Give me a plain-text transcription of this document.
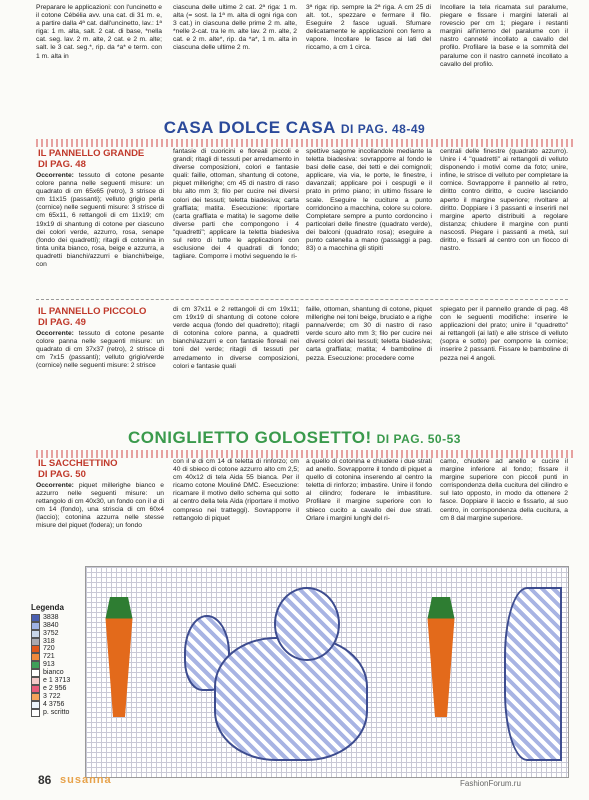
Preparare le applicazioni: con l'uncinetto e il cotone Cébélia avv. una cat. di 31 m. e, a partire dalla 4ª cat. dall'uncinetto, lav.: 1ª riga: 1 m. alta, salt. 2 cat. di base, *nella cat. seg. lav. 2 m. alte, 2 cat. e 2 m. alte; salt. le 3 cat. seg.*, rip. da *a* e term. con 1 m. alta in
ciascuna delle ultime 2 cat. 2ª riga: 1 m. alta (= sost. la 1ª m. alta di ogni riga con 3 cat.) in ciascuna delle prime 2 m. alte, *nelle 2-cat. tra le m. alte lav. 2 m. alte, 2 cat. e 2 m. alte*, rip. da *a*, 1 m. alta in ciascuna delle ultime 2 m.
3ª riga: rip. sempre la 2ª riga. A cm 25 di alt. tot., spezzare e fermare il filo. Eseguire 2 fasce uguali. Sfumare delicatamente le applicazioni con ferro a vapore. Incollare le fasce ai lati del riccamo, a cm 1 circa.
Incollare la tela ricamata sul paralume, piegare e fissare i margini laterali al rovescio per cm 1; piegare i restanti margini all'interno del paralume con il nastro canneté incollato a cavallo del profilo. Profilare la base e la sommità del paralume con il nastro canneté incollato a cavallo del profilo.
CASA DOLCE CASA DI PAG. 48-49
IL PANNELLO GRANDE
DI PAG. 48
Occorrente: tessuto di cotone pesante colore panna nelle seguenti misure: un quadrato di cm 65x65 (retro), 3 strisce di cm 11x15 (passanti); velluto grigio perla (cornice) nelle seguenti misure: 3 strisce di cm 65x11, 6 rettangoli di cm 11x19; cm 19x19 di shantung di cotone per ciascuno dei colori verde, azzurro, rosa, senape (fondo dei quadretti); ritagli di cotonina in tinta unita bianco, rosa, beige e azzurra, a quadretti bianchi/azzurri e bianchi/beige, con
fantasie di cuoricini e floreali piccoli e grandi; ritagli di tessuti per arredamento in diverse composizioni, colori e fantasie quali: faille, ottoman, shantung di cotone, piquet millerighe; cm 45 di nastro di raso blu alto mm 3; filo per cucire nei diversi colori dei tessuti; teletta biadesiva; carta graffiata; matita. Esecuzione: riportare (carta graffiata e matita) le sagome delle diverse parti che compongono i 4 "quadretti"; applicare la teletta biadesiva sul retro di tutte le applicazioni con esclusione dei 4 quadrati di fondo; tagliare. Comporre i motivi seguendo le ri-
spettive sagome incollandole mediante la teletta biadesiva: sovrapporre al fondo le basi delle case, dei tetti e dei comignoli; applicare, via via, le porte, le finestre, i davanzali; applicare poi i cespugli e il prato in primo piano; in ultimo fissare le scale. Eseguire le cuciture a punto corridoncino a macchina, colore su colore. Completare sempre a punto cordoncino i particolari delle finestre (quadrato verde), dei balconi (quadrato rosa); eseguire a punto catenella a mano (passaggi a pag. 83) o a macchina gli stipiti
centrali delle finestre (quadrato azzurro). Unire i 4 "quadretti" ai rettangoli di velluto disponendo i motivi come da foto; unire, infine, le strisce di velluto per completare la cornice. Sovrapporre il pannello al retro, diritto contro diritto, e cucire lasciando aperto il margine superiore; rivoltare al diritto. Doppiare i 3 passanti e inserirli nel margine aperto distribuiti a regolare distanza; chiudere il margine con punti nascosti. Piegare i passanti a metà, sul diritto, e fissarli al centro con un fiocco di nastro.
IL PANNELLO PICCOLO
DI PAG. 49
Occorrente: tessuto di cotone pesante colore panna nelle seguenti misure: un quadrato di cm 37x37 (retro), 2 strisce di cm 7x15 (passanti); velluto grigio/verde (cornice) nelle seguenti misure: 2 strisce
di cm 37x11 e 2 rettangoli di cm 19x11; cm 19x19 di shantung di cotone colore verde acqua (fondo del quadretto); ritagli di cotonina colore panna, a quadretti bianchi/azzurri e con fantasie floreali nei toni del verde; ritagli di tessuti per arredamento in diverse composizioni, colori e fantasie quali
faille, ottoman, shantung di cotone, piquet millerighe nei toni beige, bruciato e a righe panna/verde; cm 30 di nastro di raso verde scuro alto mm 3; filo per cucire nei diversi colori dei tessuti; teletta biadesiva; carta graffiata; matita; 4 bamboline di pezza. Esecuzione: procedere come
spiegato per il pannello grande di pag. 48 con le seguenti modifiche: inserire le applicazioni del prato; unire il "quadretto" ai rettangoli (ai lati) e alle strisce di velluto (sopra e sotto) per comporre la cornice; inserire 2 passanti. Fissare le bamboline di pezza nei 4 angoli.
CONIGLIETTO GOLOSETTO! DI PAG. 50-53
IL SACCHETTINO
DI PAG. 50
Occorrente: piquet millerighe bianco e azzurro nelle seguenti misure: un rettangolo di cm 40x30, un fondo con il ø di cm 14 (fondo), una striscia di cm 60x4 (laccio); cotonina azzurra nelle stesse misure del piquet (fodera); un fondo
con il ø di cm 14 di teletta di rinforzo; cm 40 di sbieco di cotone azzurro alto cm 2,5; cm 40x12 di tela Aida 55 bianca. Per il ricamo cotone Mouliné DMC. Esecuzione: ricamare il motivo dello schema qui sotto al centro della tela Aida (riportare il motivo compreso nei tratteggi). Sovrapporre il rettangolo di piquet
a quello di cotonina e chiudere i due strati ad anello. Sovrapporre il tondo di piquet a quello di cotonina inserendo al centro la teletta di rinforzo; imbastire. Unire il fondo al cilindro; foderare le imbastiture. Profilare il margine superiore con lo sbieco cucito a cavallo dei due strati. Orlare i margini lunghi del ri-
camo, chiudere ad anello e cucire il margine inferiore al fondo; fissare il margine superiore con piccoli punti in corrispondenza della cucitura del cilindro e sul lato opposto, in modo da ottenere 2 fasce. Doppiare il laccio e fissarlo, al suo centro, in corrispondenza della cucitura, a cm 8 dal margine superiore.
Legenda
3838
3840
3752
318
720
721
913
bianco
e 1 3713
e 2 956
3 722
4 3756
p. scritto
86 susanna	FashionForum.ru
